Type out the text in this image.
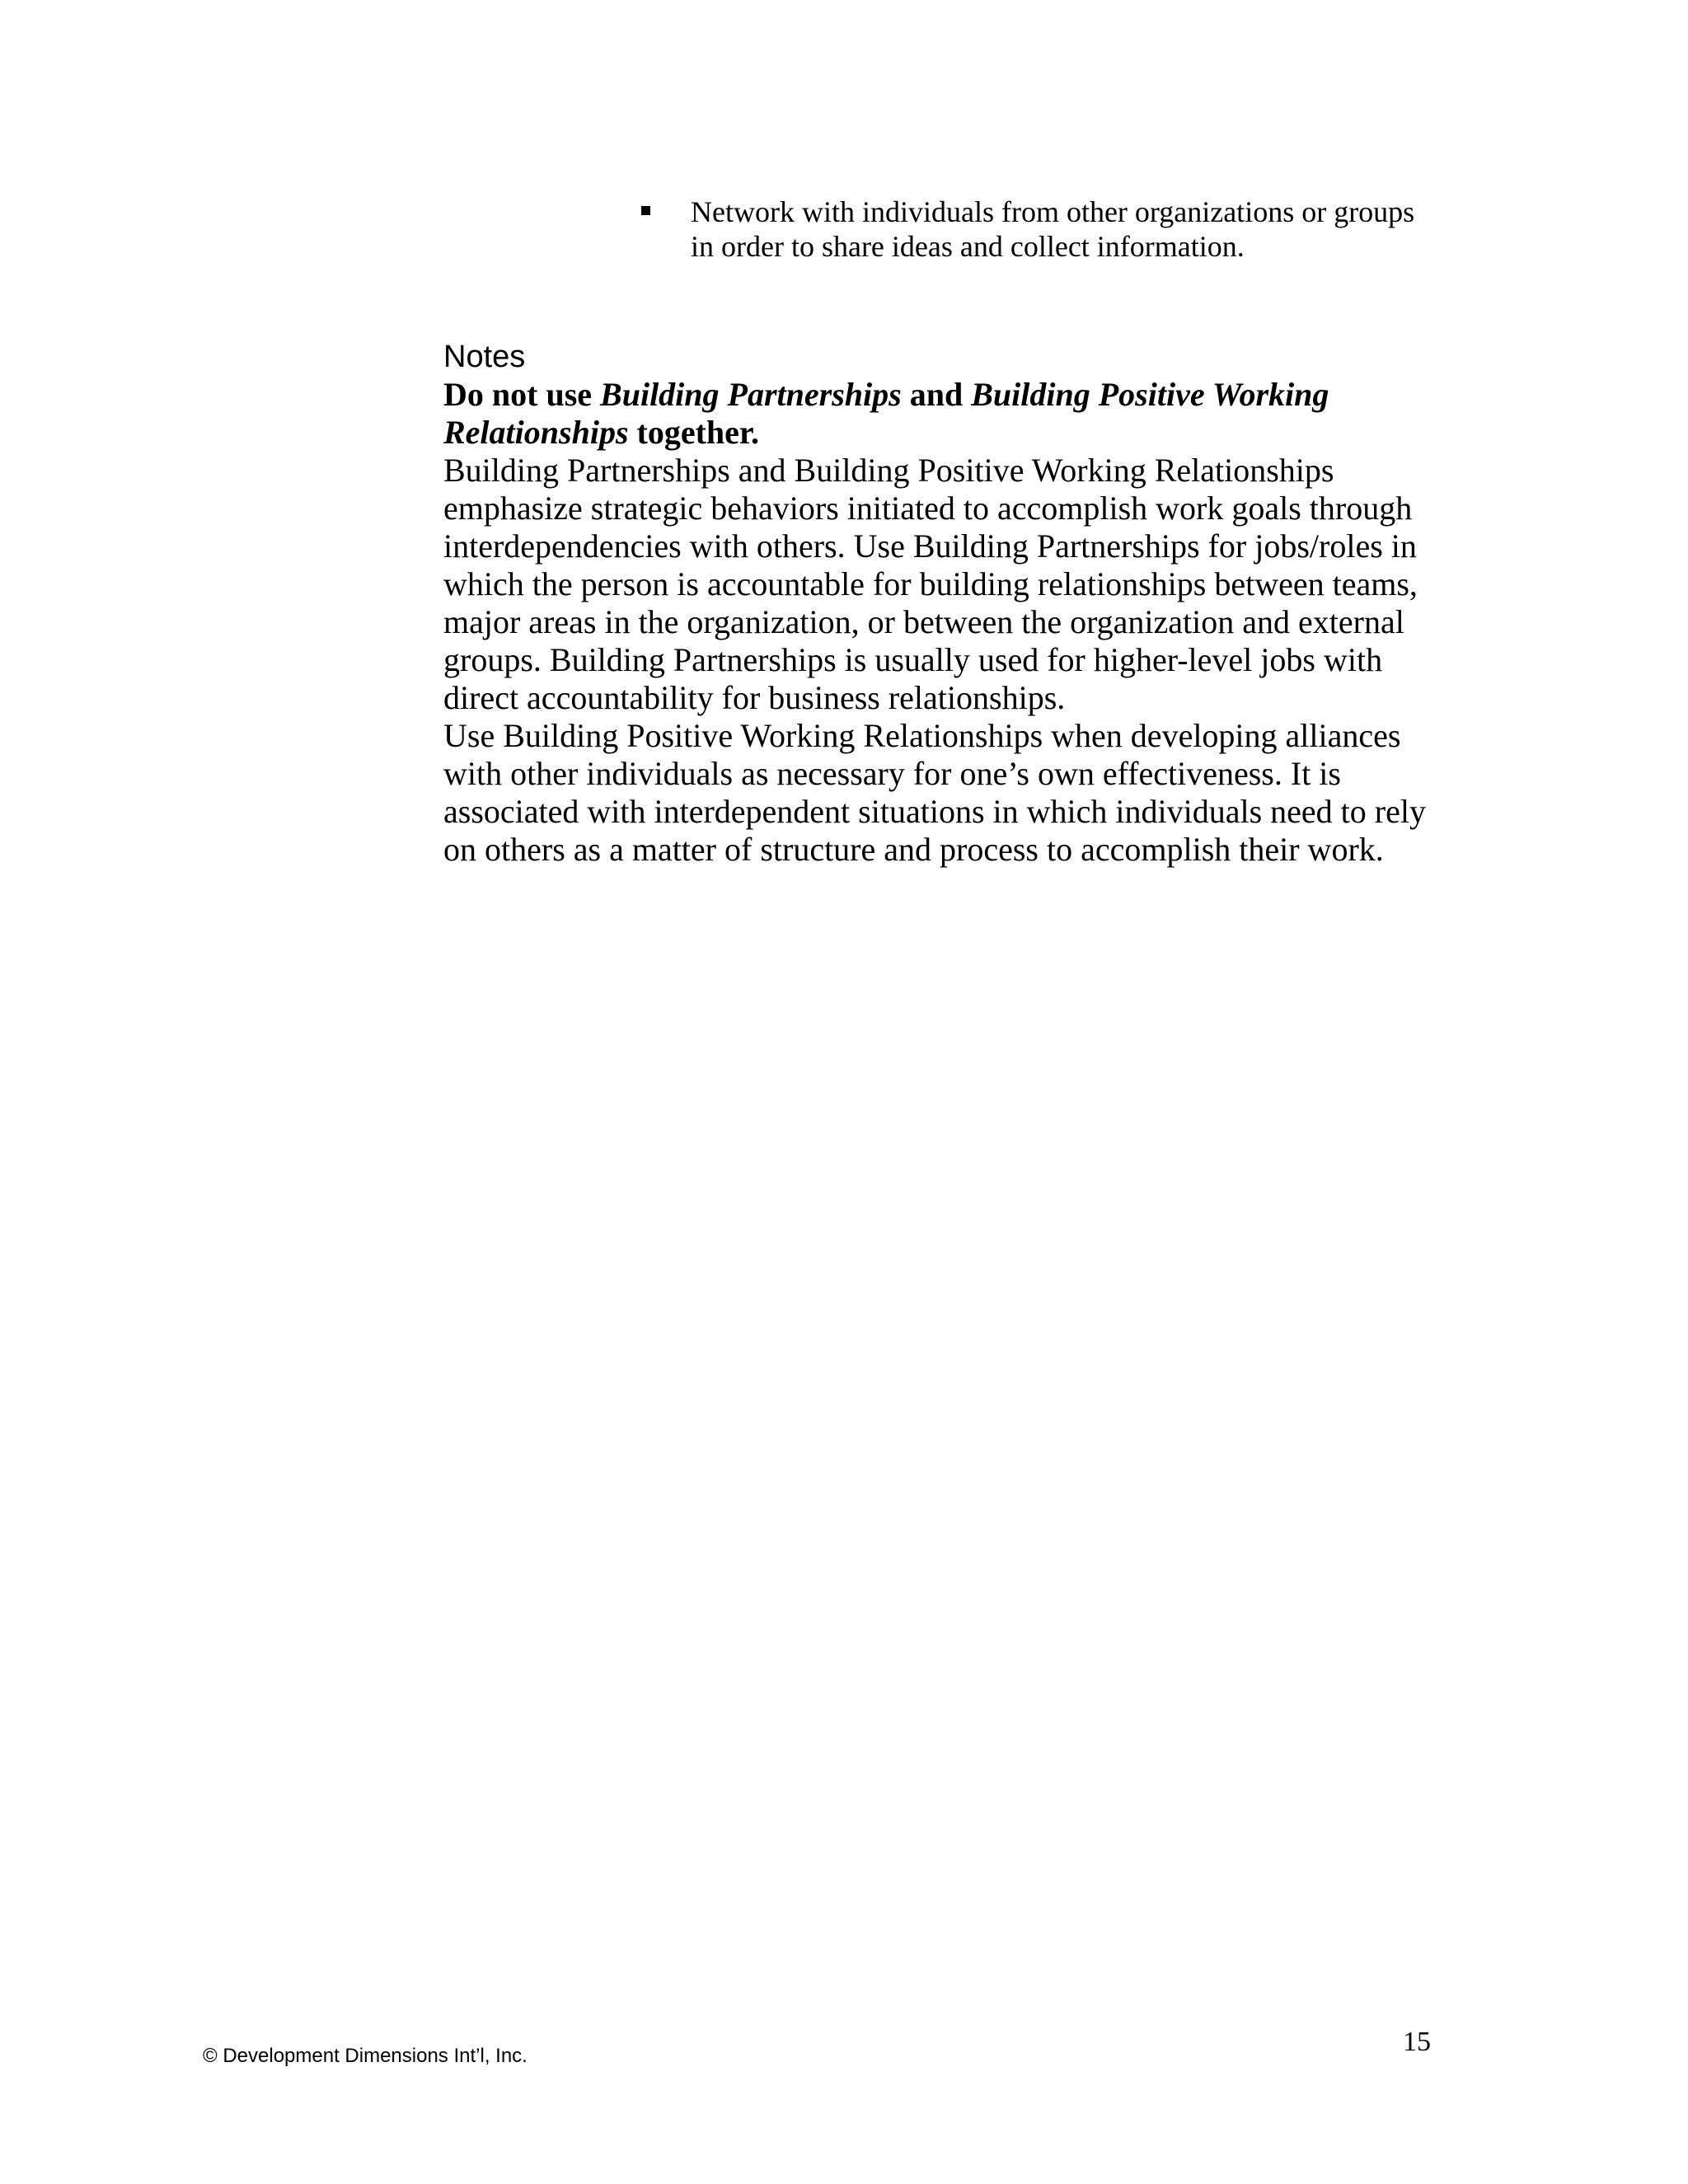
Network with individuals from other organizations or groups in order to share ideas and collect information.

Notes

Do not use Building Partnerships and Building Positive Working Relationships together.

Building Partnerships and Building Positive Working Relationships emphasize strategic behaviors initiated to accomplish work goals through interdependencies with others. Use Building Partnerships for jobs/roles in which the person is accountable for building relationships between teams, major areas in the organization, or between the organization and external groups. Building Partnerships is usually used for higher-level jobs with direct accountability for business relationships.

Use Building Positive Working Relationships when developing alliances with other individuals as necessary for one’s own effectiveness. It is associated with interdependent situations in which individuals need to rely on others as a matter of structure and process to accomplish their work.

© Development Dimensions Int’l, Inc.	15
